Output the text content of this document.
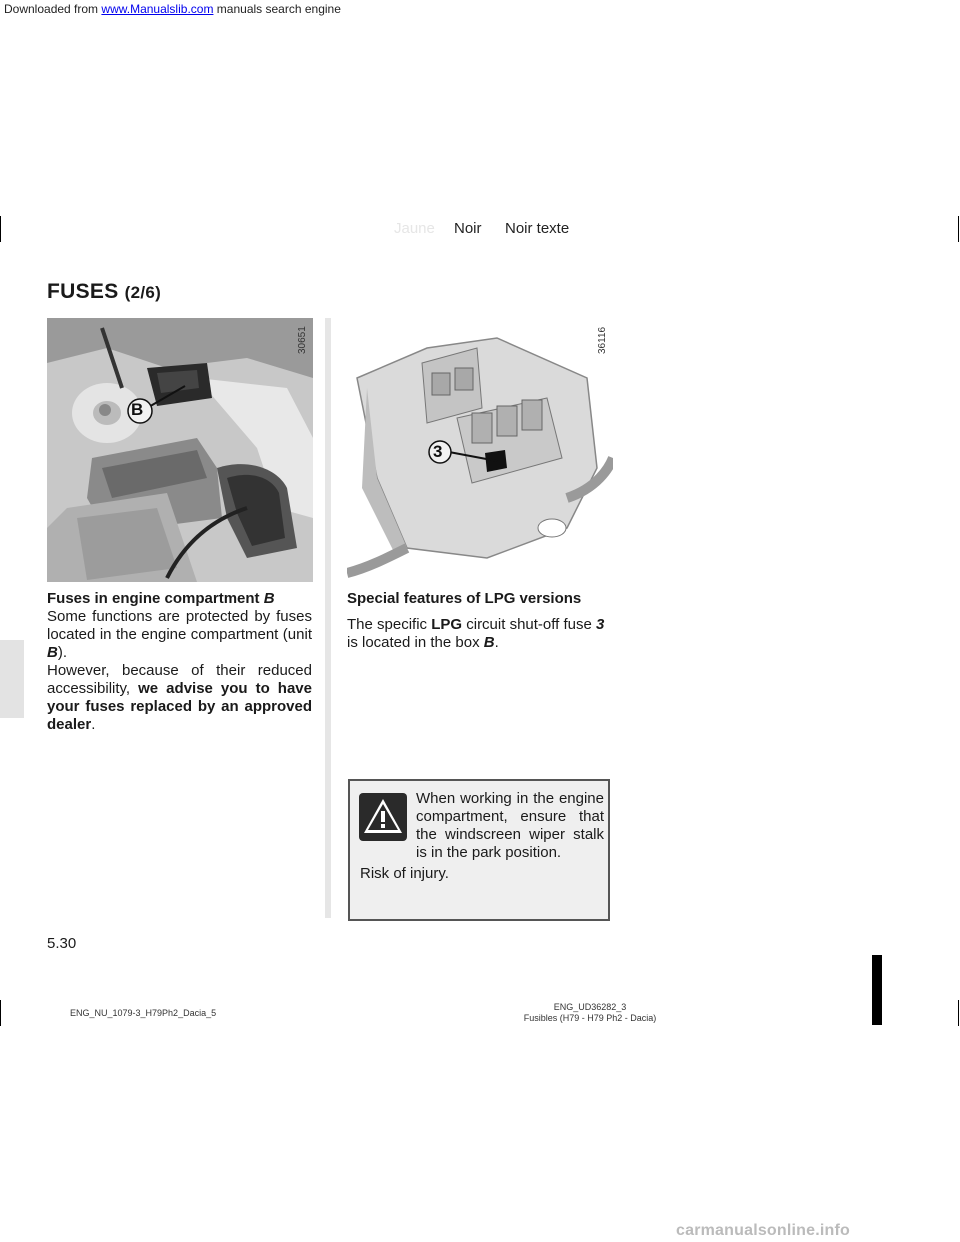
Downloaded from www.Manualslib.com manuals search engine
Jaune Noir Noir texte
FUSES (2/6)
B
30651
3
36116
Fuses in engine compartment B
Some functions are protected by fuses located in the engine compartment (unit B).
However, because of their reduced accessibility, we advise you to have your fuses replaced by an approved dealer.
Special features of LPG versions
The specific LPG circuit shut-off fuse 3
is located in the box B.
When working in the engine compartment, ensure that the windscreen wiper stalk is in the park position.
Risk of injury.
5.30
ENG_NU_1079-3_H79Ph2_Dacia_5
ENG_UD36282_3
Fusibles (H79 - H79 Ph2 - Dacia)
carmanualsonline.info
